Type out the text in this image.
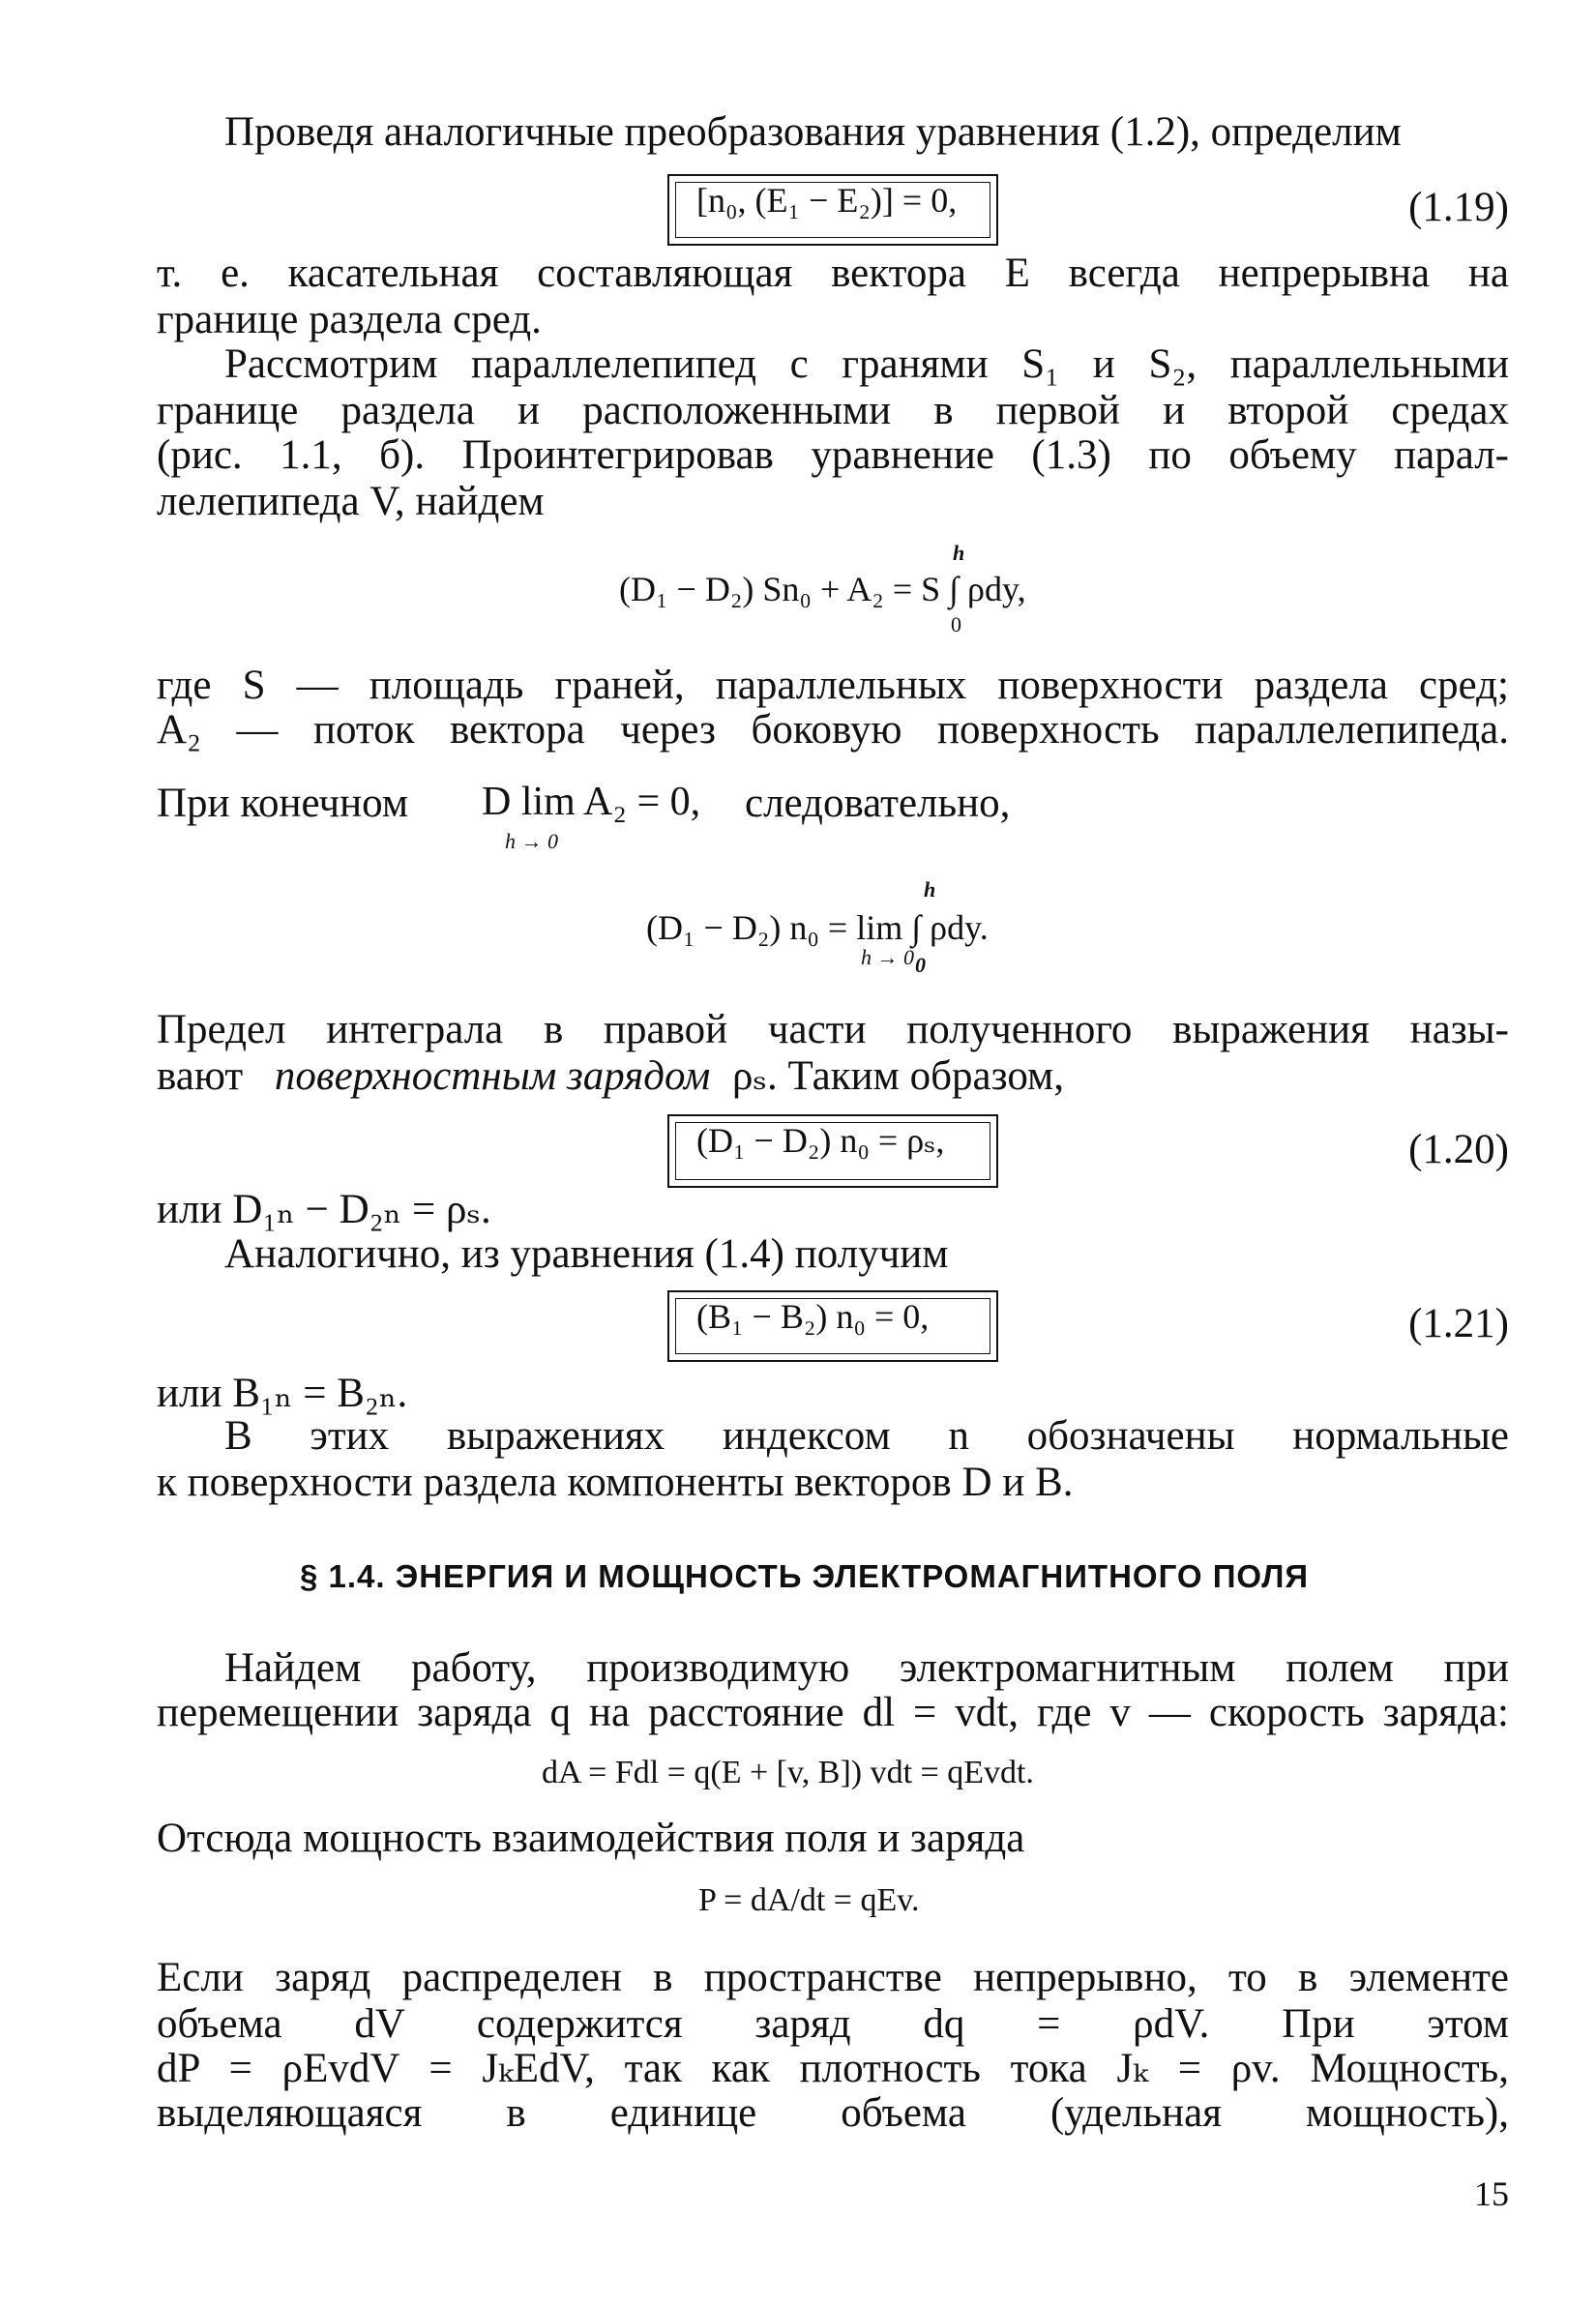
Проведя аналогичные преобразования уравнения (1.2), определим
[n₀, (E₁ − E₂)] = 0,	(1.19)
т. е. касательная составляющая вектора Е всегда непрерывна на
границе раздела сред.
Рассмотрим параллелепипед с гранями S₁ и S₂, параллельными
границе раздела и расположенными в первой и второй средах
(рис. 1.1, б). Проинтегрировав уравнение (1.3) по объему парал-
лелепипеда V, найдем
h
(D₁ − D₂) Sn₀ + A₂ = S ∫ ρdy,
0
где S — площадь граней, параллельных поверхности раздела сред;
A₂ — поток вектора через боковую поверхность параллелепипеда.
При конечном D lim A₂ = 0,
h → 0
следовательно,
h
(D₁ − D₂) n₀ = lim ∫ ρdy.
h → 0 0
Предел интеграла в правой части полученного выражения назы-
вают поверхностным зарядом ρₛ. Таким образом,
(D₁ − D₂) n₀ = ρₛ,	(1.20)
или D₁ₙ − D₂ₙ = ρₛ.
Аналогично, из уравнения (1.4) получим
(B₁ − B₂) n₀ = 0,	(1.21)
или B₁ₙ = B₂ₙ.
В этих выражениях индексом n обозначены нормальные
к поверхности раздела компоненты векторов D и B.
§ 1.4. ЭНЕРГИЯ И МОЩНОСТЬ ЭЛЕКТРОМАГНИТНОГО ПОЛЯ
Найдем работу, производимую электромагнитным полем при
перемещении заряда q на расстояние dl = vdt, где v — скорость заряда:
dA = Fdl = q(E + [v, B]) vdt = qEvdt.
Отсюда мощность взаимодействия поля и заряда
P = dA/dt = qEv.
Если заряд распределен в пространстве непрерывно, то в элементе
объема dV содержится заряд dq = ρdV. При этом
dP = ρEvdV = JₖEdV, так как плотность тока Jₖ = ρv. Мощность,
выделяющаяся в единице объема (удельная мощность),
15
